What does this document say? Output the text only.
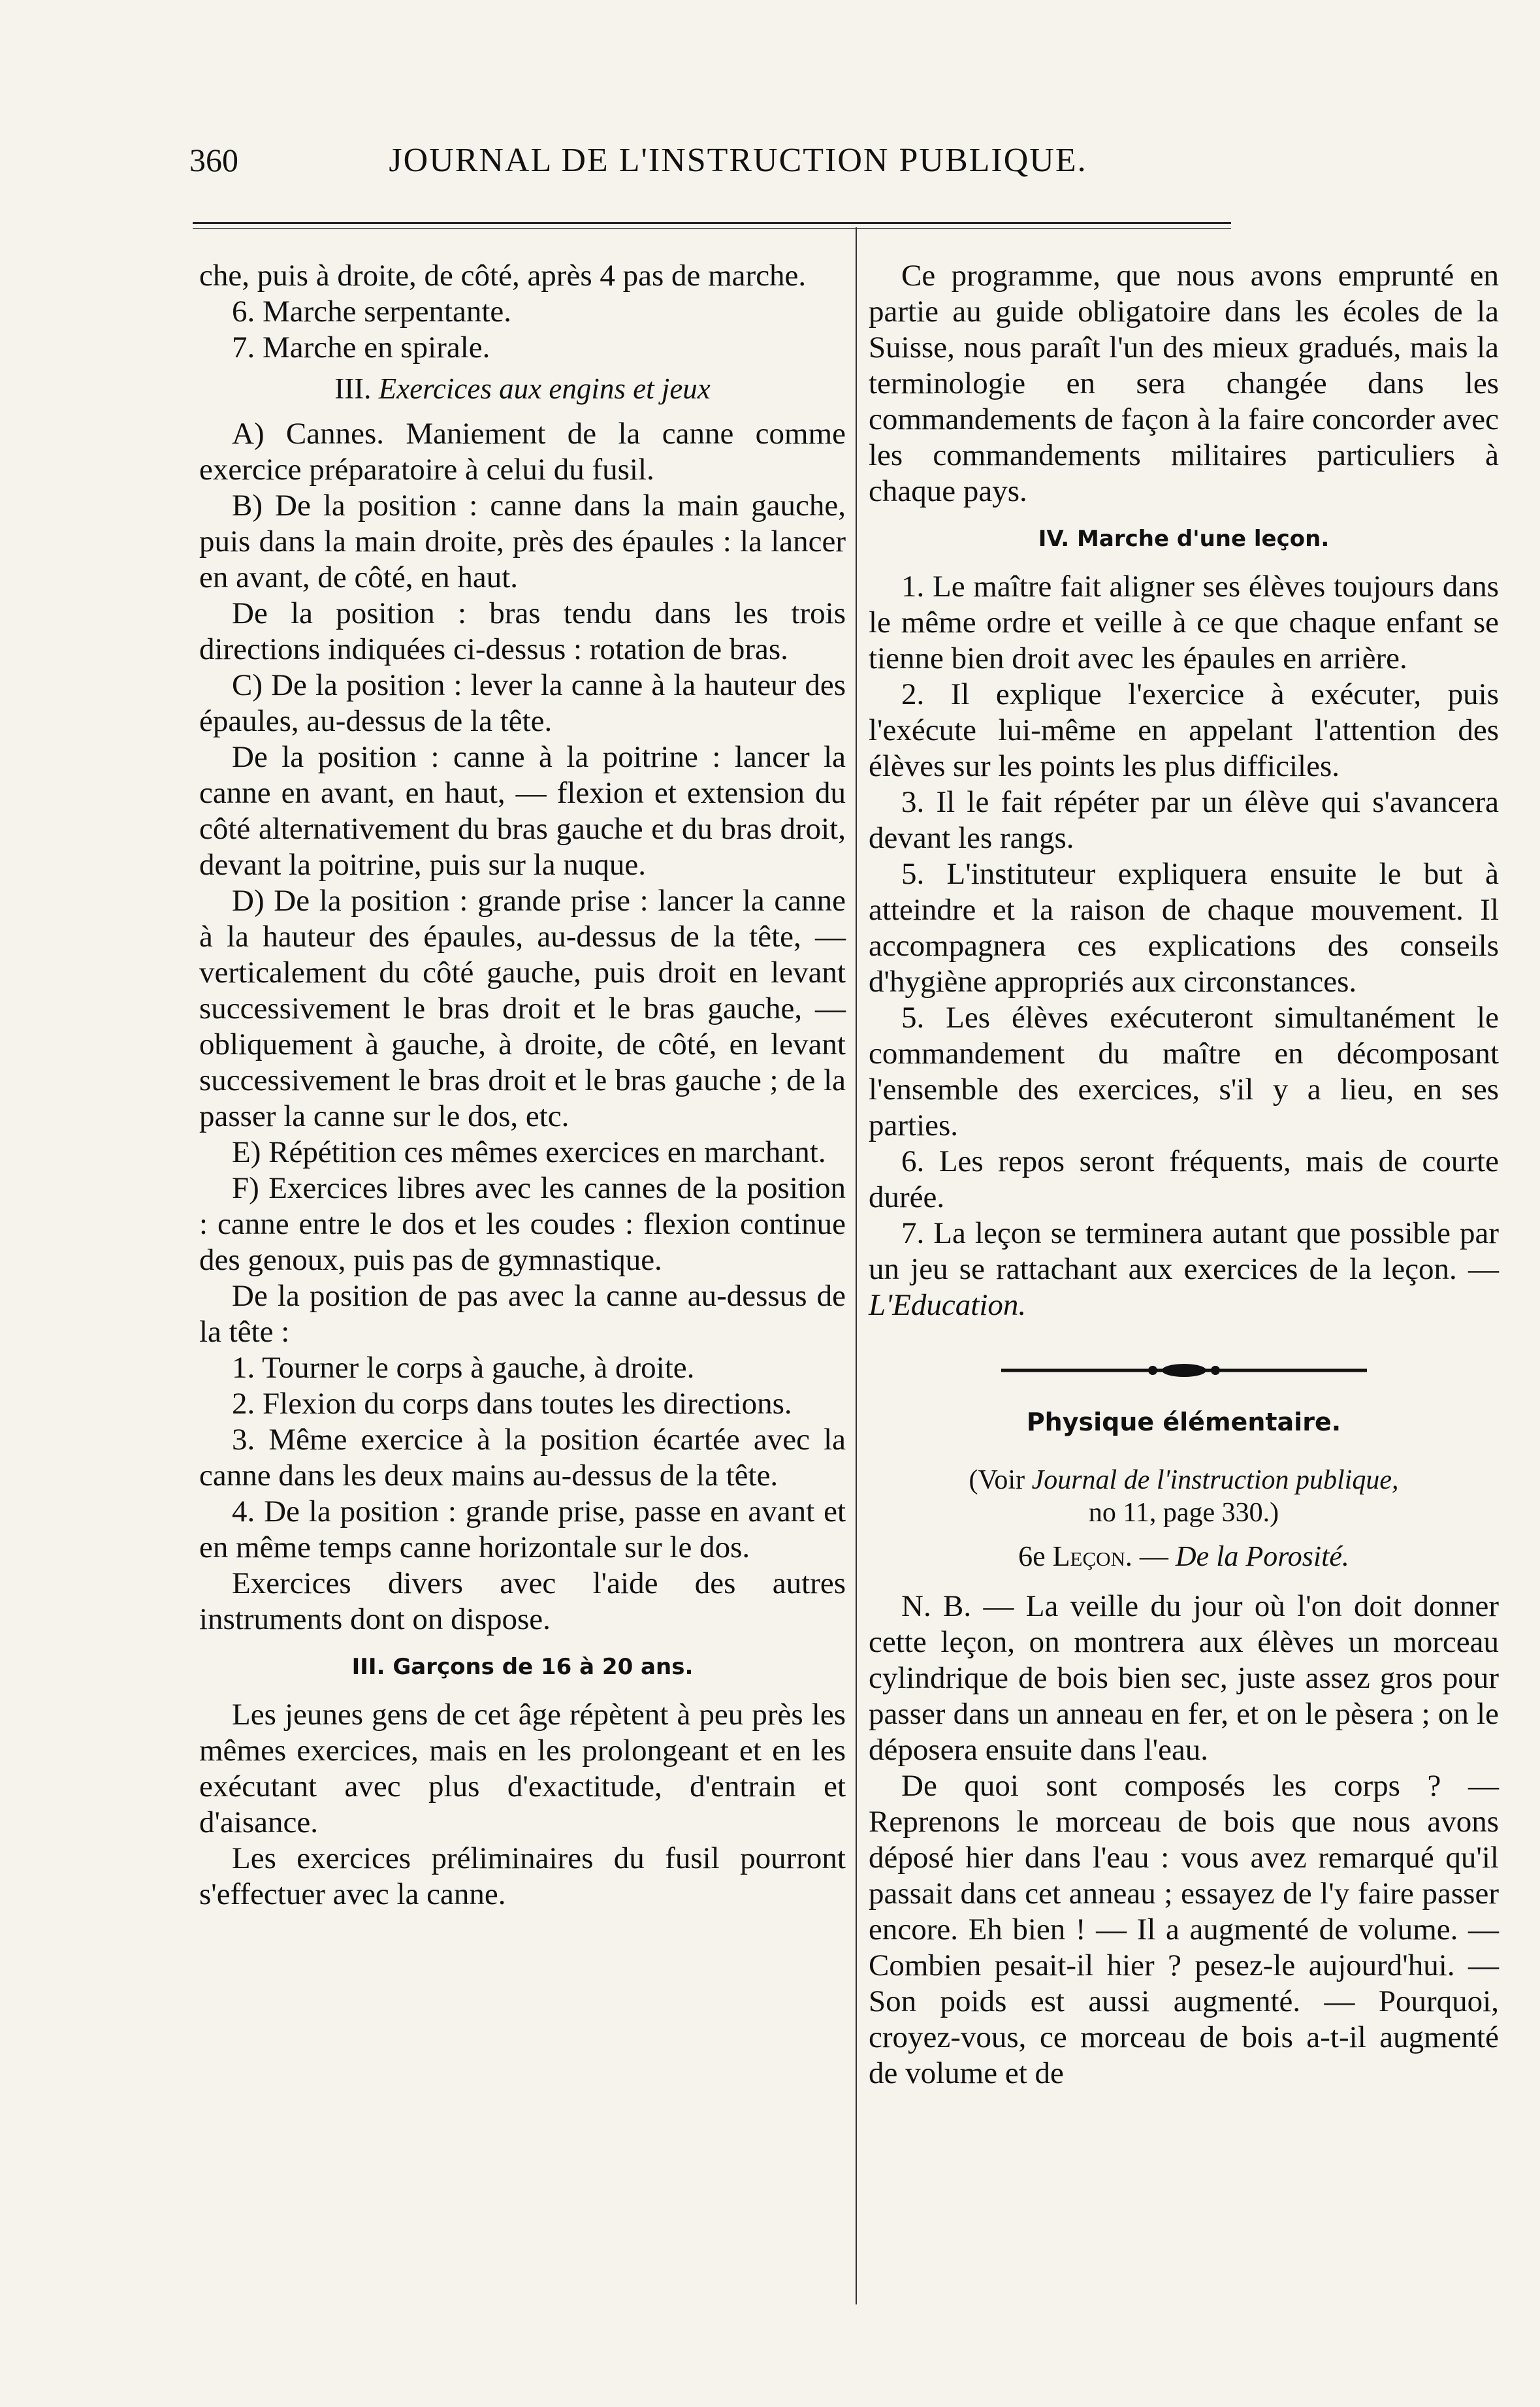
360	JOURNAL DE L'INSTRUCTION PUBLIQUE.

che, puis à droite, de côté, après 4 pas de marche.

6. Marche serpentante.

7. Marche en spirale.

III. Exercices aux engins et jeux

A) Cannes. Maniement de la canne comme exercice préparatoire à celui du fusil.

B) De la position : canne dans la main gauche, puis dans la main droite, près des épaules : la lancer en avant, de côté, en haut.

De la position : bras tendu dans les trois directions indiquées ci-dessus : rotation de bras.

C) De la position : lever la canne à la hauteur des épaules, au-dessus de la tête.

De la position : canne à la poitrine : lancer la canne en avant, en haut, — flexion et extension du côté alternativement du bras gauche et du bras droit, devant la poitrine, puis sur la nuque.

D) De la position : grande prise : lancer la canne à la hauteur des épaules, au-dessus de la tête, — verticalement du côté gauche, puis droit en levant successivement le bras droit et le bras gauche, — obliquement à gauche, à droite, de côté, en levant successivement le bras droit et le bras gauche ; de la passer la canne sur le dos, etc.

E) Répétition ces mêmes exercices en marchant.

F) Exercices libres avec les cannes de la position : canne entre le dos et les coudes : flexion continue des genoux, puis pas de gymnastique.

De la position de pas avec la canne au-dessus de la tête :

1. Tourner le corps à gauche, à droite.

2. Flexion du corps dans toutes les directions.

3. Même exercice à la position écartée avec la canne dans les deux mains au-dessus de la tête.

4. De la position : grande prise, passe en avant et en même temps canne horizontale sur le dos.

Exercices divers avec l'aide des autres instruments dont on dispose.

III. Garçons de 16 à 20 ans.

Les jeunes gens de cet âge répètent à peu près les mêmes exercices, mais en les prolongeant et en les exécutant avec plus d'exactitude, d'entrain et d'aisance.

Les exercices préliminaires du fusil pourront s'effectuer avec la canne.

Ce programme, que nous avons emprunté en partie au guide obligatoire dans les écoles de la Suisse, nous paraît l'un des mieux gradués, mais la terminologie en sera changée dans les commandements de façon à la faire concorder avec les commandements militaires particuliers à chaque pays.

IV. Marche d'une leçon.

1. Le maître fait aligner ses élèves toujours dans le même ordre et veille à ce que chaque enfant se tienne bien droit avec les épaules en arrière.

2. Il explique l'exercice à exécuter, puis l'exécute lui-même en appelant l'attention des élèves sur les points les plus difficiles.

3. Il le fait répéter par un élève qui s'avancera devant les rangs.

5. L'instituteur expliquera ensuite le but à atteindre et la raison de chaque mouvement. Il accompagnera ces explications des conseils d'hygiène appropriés aux circonstances.

5. Les élèves exécuteront simultanément le commandement du maître en décomposant l'ensemble des exercices, s'il y a lieu, en ses parties.

6. Les repos seront fréquents, mais de courte durée.

7. La leçon se terminera autant que possible par un jeu se rattachant aux exercices de la leçon. — L'Education.

Physique élémentaire.
(Voir Journal de l'instruction publique,
no 11, page 330.)
6e Leçon. — De la Porosité.

N. B. — La veille du jour où l'on doit donner cette leçon, on montrera aux élèves un morceau cylindrique de bois bien sec, juste assez gros pour passer dans un anneau en fer, et on le pèsera ; on le déposera ensuite dans l'eau.

De quoi sont composés les corps ? — Reprenons le morceau de bois que nous avons déposé hier dans l'eau : vous avez remarqué qu'il passait dans cet anneau ; essayez de l'y faire passer encore. Eh bien ! — Il a augmenté de volume. — Combien pesait-il hier ? pesez-le aujourd'hui. — Son poids est aussi augmenté. — Pourquoi, croyez-vous, ce morceau de bois a-t-il augmenté de volume et de
